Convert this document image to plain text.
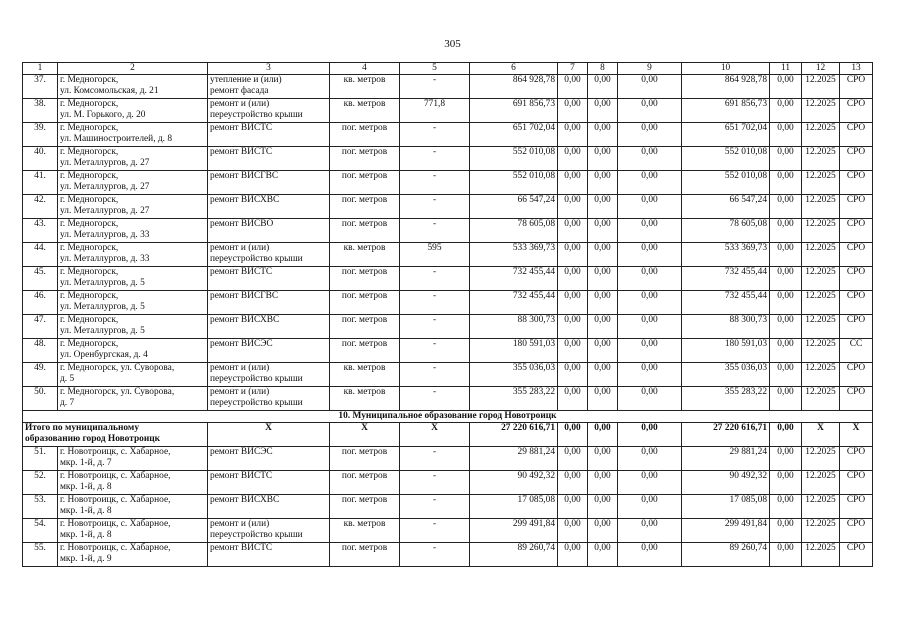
305
1	2	3	4	5	6	7	8	9	10	11	12	13
37.	г. Медногорск,
ул. Комсомольская, д. 21	утепление и (или)
ремонт фасада	кв. метров	-	864 928,78	0,00	0,00	0,00	864 928,78	0,00	12.2025	СРО
38.	г. Медногорск,
ул. М. Горького, д. 20	ремонт и (или)
переустройство крыши	кв. метров	771,8	691 856,73	0,00	0,00	0,00	691 856,73	0,00	12.2025	СРО
39.	г. Медногорск,
ул. Машиностроителей, д. 8	ремонт ВИСТС	пог. метров	-	651 702,04	0,00	0,00	0,00	651 702,04	0,00	12.2025	СРО
40.	г. Медногорск,
ул. Металлургов, д. 27	ремонт ВИСТС	пог. метров	-	552 010,08	0,00	0,00	0,00	552 010,08	0,00	12.2025	СРО
41.	г. Медногорск,
ул. Металлургов, д. 27	ремонт ВИСГВС	пог. метров	-	552 010,08	0,00	0,00	0,00	552 010,08	0,00	12.2025	СРО
42.	г. Медногорск,
ул. Металлургов, д. 27	ремонт ВИСХВС	пог. метров	-	66 547,24	0,00	0,00	0,00	66 547,24	0,00	12.2025	СРО
43.	г. Медногорск,
ул. Металлургов, д. 33	ремонт ВИСВО	пог. метров	-	78 605,08	0,00	0,00	0,00	78 605,08	0,00	12.2025	СРО
44.	г. Медногорск,
ул. Металлургов, д. 33	ремонт и (или)
переустройство крыши	кв. метров	595	533 369,73	0,00	0,00	0,00	533 369,73	0,00	12.2025	СРО
45.	г. Медногорск,
ул. Металлургов, д. 5	ремонт ВИСТС	пог. метров	-	732 455,44	0,00	0,00	0,00	732 455,44	0,00	12.2025	СРО
46.	г. Медногорск,
ул. Металлургов, д. 5	ремонт ВИСГВС	пог. метров	-	732 455,44	0,00	0,00	0,00	732 455,44	0,00	12.2025	СРО
47.	г. Медногорск,
ул. Металлургов, д. 5	ремонт ВИСХВС	пог. метров	-	88 300,73	0,00	0,00	0,00	88 300,73	0,00	12.2025	СРО
48.	г. Медногорск,
ул. Оренбургская, д. 4	ремонт ВИСЭС	пог. метров	-	180 591,03	0,00	0,00	0,00	180 591,03	0,00	12.2025	СС
49.	г. Медногорск, ул. Суворова,
д. 5	ремонт и (или)
переустройство крыши	кв. метров	-	355 036,03	0,00	0,00	0,00	355 036,03	0,00	12.2025	СРО
50.	г. Медногорск, ул. Суворова,
д. 7	ремонт и (или)
переустройство крыши	кв. метров	-	355 283,22	0,00	0,00	0,00	355 283,22	0,00	12.2025	СРО
10. Муниципальное образование город Новотроицк												
Итого по муниципальному
образованию город Новотроицк		Х	Х	Х	27 220 616,71	0,00	0,00	0,00	27 220 616,71	0,00	Х	Х
51.	г. Новотроицк, с. Хабарное,
мкр. 1-й, д. 7	ремонт ВИСЭС	пог. метров	-	29 881,24	0,00	0,00	0,00	29 881,24	0,00	12.2025	СРО
52.	г. Новотроицк, с. Хабарное,
мкр. 1-й, д. 8	ремонт ВИСТС	пог. метров	-	90 492,32	0,00	0,00	0,00	90 492,32	0,00	12.2025	СРО
53.	г. Новотроицк, с. Хабарное,
мкр. 1-й, д. 8	ремонт ВИСХВС	пог. метров	-	17 085,08	0,00	0,00	0,00	17 085,08	0,00	12.2025	СРО
54.	г. Новотроицк, с. Хабарное,
мкр. 1-й, д. 8	ремонт и (или)
переустройство крыши	кв. метров	-	299 491,84	0,00	0,00	0,00	299 491,84	0,00	12.2025	СРО
55.	г. Новотроицк, с. Хабарное,
мкр. 1-й, д. 9	ремонт ВИСТС	пог. метров	-	89 260,74	0,00	0,00	0,00	89 260,74	0,00	12.2025	СРО
